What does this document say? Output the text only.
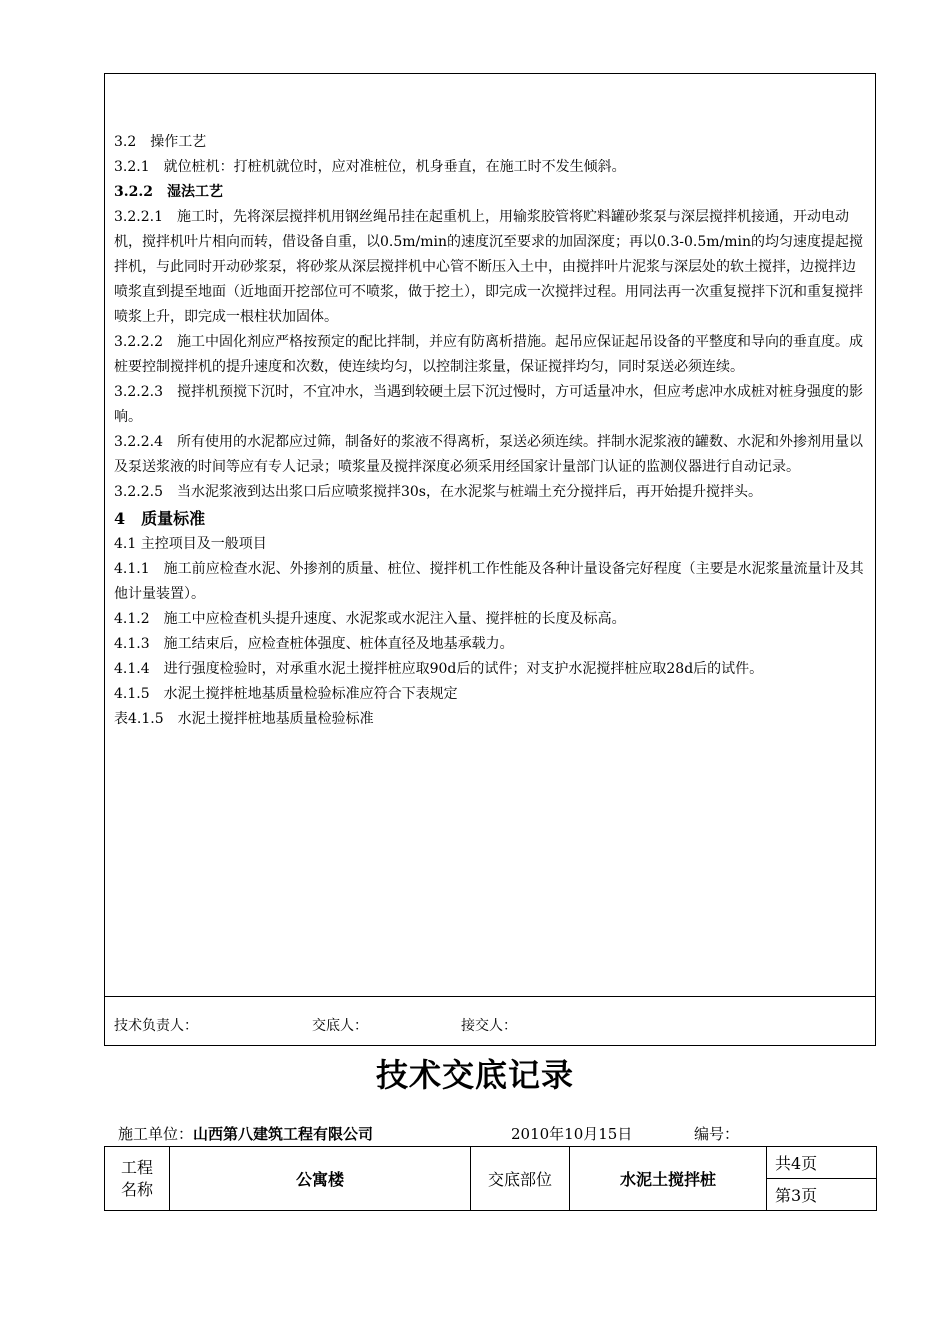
3.2　操作工艺

3.2.1　就位桩机：打桩机就位时，应对准桩位，机身垂直，在施工时不发生倾斜。

3.2.2　湿法工艺

3.2.2.1　施工时，先将深层搅拌机用钢丝绳吊挂在起重机上，用输浆胶管将贮料罐砂浆泵与深层搅拌机接通，开动电动机，搅拌机叶片相向而转，借设备自重，以0.5m/min的速度沉至要求的加固深度；再以0.3-0.5m/min的均匀速度提起搅拌机，与此同时开动砂浆泵，将砂浆从深层搅拌机中心管不断压入土中，由搅拌叶片泥浆与深层处的软土搅拌，边搅拌边喷浆直到提至地面（近地面开挖部位可不喷浆，做于挖土），即完成一次搅拌过程。用同法再一次重复搅拌下沉和重复搅拌喷浆上升，即完成一根柱状加固体。

3.2.2.2　施工中固化剂应严格按预定的配比拌制，并应有防离析措施。起吊应保证起吊设备的平整度和导向的垂直度。成桩要控制搅拌机的提升速度和次数，使连续均匀，以控制注浆量，保证搅拌均匀，同时泵送必须连续。

3.2.2.3　搅拌机预搅下沉时，不宜冲水，当遇到较硬土层下沉过慢时，方可适量冲水，但应考虑冲水成桩对桩身强度的影响。

3.2.2.4　所有使用的水泥都应过筛，制备好的浆液不得离析，泵送必须连续。拌制水泥浆液的罐数、水泥和外掺剂用量以及泵送浆液的时间等应有专人记录；喷浆量及搅拌深度必须采用经国家计量部门认证的监测仪器进行自动记录。

3.2.2.5　当水泥浆液到达出浆口后应喷浆搅拌30s，在水泥浆与桩端土充分搅拌后，再开始提升搅拌头。

4　质量标准

4.1 主控项目及一般项目

4.1.1　施工前应检查水泥、外掺剂的质量、桩位、搅拌机工作性能及各种计量设备完好程度（主要是水泥浆量流量计及其他计量装置）。

4.1.2　施工中应检查机头提升速度、水泥浆或水泥注入量、搅拌桩的长度及标高。

4.1.3　施工结束后，应检查桩体强度、桩体直径及地基承载力。

4.1.4　进行强度检验时，对承重水泥土搅拌桩应取90d后的试件；对支护水泥搅拌桩应取28d后的试件。

4.1.5　水泥土搅拌桩地基质量检验标准应符合下表规定

表4.1.5　水泥土搅拌桩地基质量检验标准

技术负责人：	交底人：	接交人：
技术交底记录
施工单位：山西第八建筑工程有限公司	2010年10月15日	编号：
工程
名称	公寓楼	交底部位	水泥土搅拌桩	共4页
第3页
